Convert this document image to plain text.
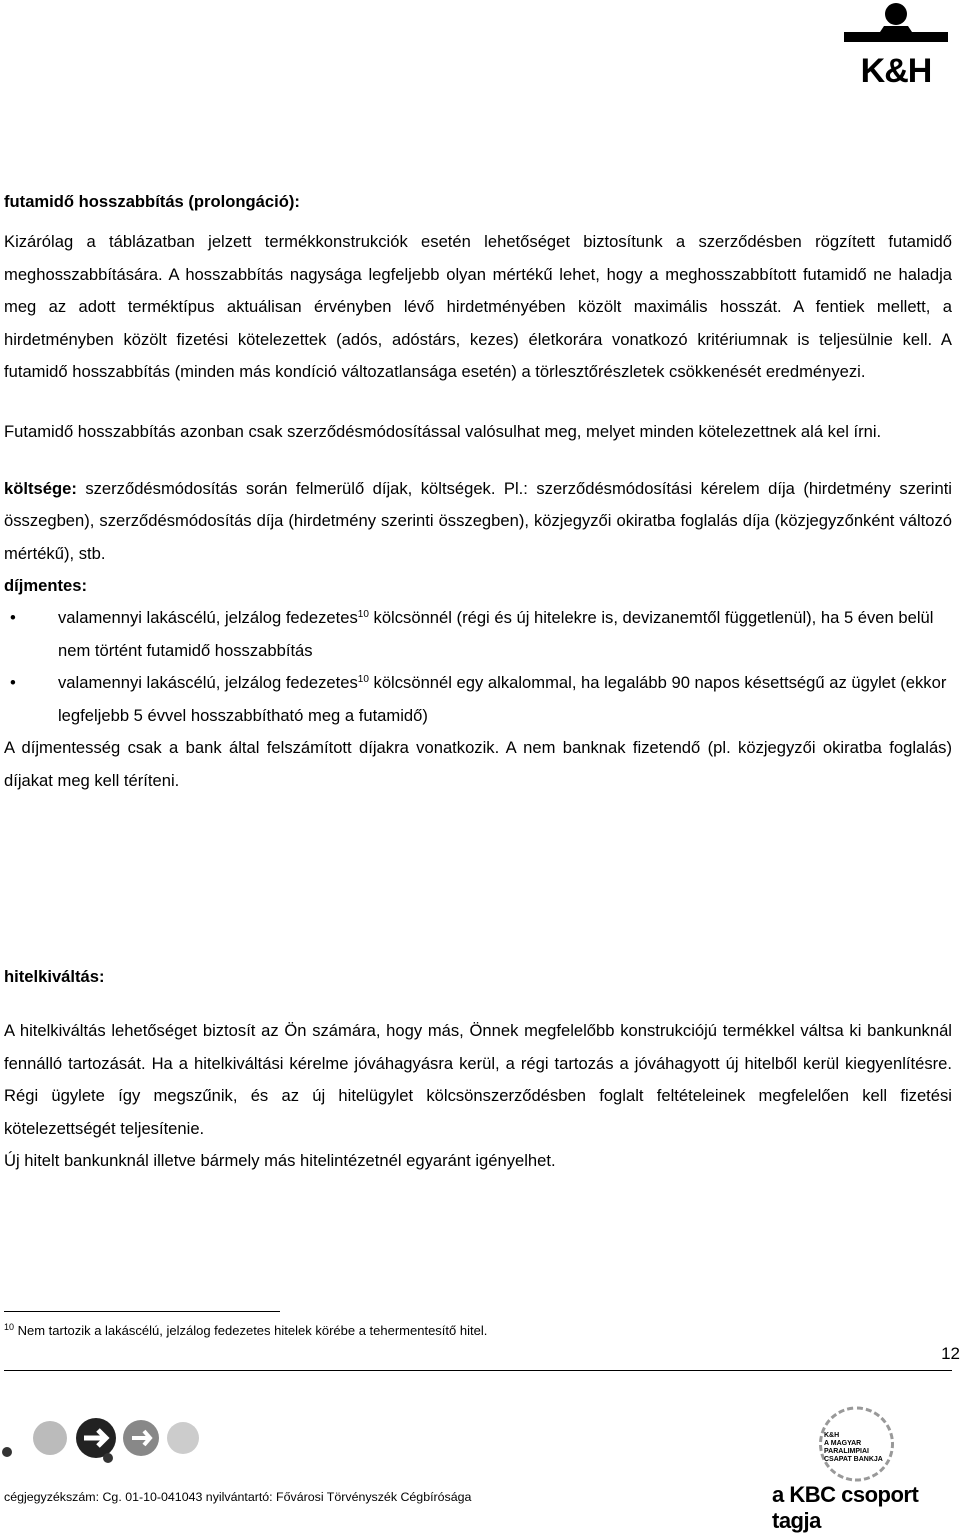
K&H
futamidő hosszabbítás (prolongáció):
Kizárólag a táblázatban jelzett termékkonstrukciók esetén lehetőséget biztosítunk a szerződésben rögzített futamidő meghosszabbítására. A hosszabbítás nagysága legfeljebb olyan mértékű lehet, hogy a meghosszabbított futamidő ne haladja meg az adott terméktípus aktuálisan érvényben lévő hirdetményében közölt maximális hosszát. A fentiek mellett, a hirdetményben közölt fizetési kötelezettek (adós, adóstárs, kezes) életkorára vonatkozó kritériumnak is teljesülnie kell. A futamidő hosszabbítás (minden más kondíció változatlansága esetén) a törlesztőrészletek csökkenését eredményezi.
Futamidő hosszabbítás azonban csak szerződésmódosítással valósulhat meg, melyet minden kötelezettnek alá kel írni.
költsége: szerződésmódosítás során felmerülő díjak, költségek. Pl.: szerződésmódosítási kérelem díja (hirdetmény szerinti összegben), szerződésmódosítás díja (hirdetmény szerinti összegben), közjegyzői okiratba foglalás díja (közjegyzőnként változó mértékű), stb.
díjmentes:
• valamennyi lakáscélú, jelzálog fedezetes$^{10}$ kölcsönnél (régi és új hitelekre is, devizanemtől függetlenül), ha 5 éven belül nem történt futamidő hosszabbítás
• valamennyi lakáscélú, jelzálog fedezetes$^{10}$ kölcsönnél egy alkalommal, ha legalább 90 napos késettségű az ügylet (ekkor legfeljebb 5 évvel hosszabbítható meg a futamidő)
A díjmentesség csak a bank által felszámított díjakra vonatkozik. A nem banknak fizetendő (pl. közjegyzői okiratba foglalás) díjakat meg kell téríteni.
hitelkiváltás:
A hitelkiváltás lehetőséget biztosít az Ön számára, hogy más, Önnek megfelelőbb konstrukciójú termékkel váltsa ki bankunknál fennálló tartozását. Ha a hitelkiváltási kérelme jóváhagyásra kerül, a régi tartozás a jóváhagyott új hitelből kerül kiegyenlítésre. Régi ügylete így megszűnik, és az új hitelügylet kölcsönszerződésben foglalt feltételeinek megfelelően kell fizetési kötelezettségét teljesítenie.
Új hitelt bankunknál illetve bármely más hitelintézetnél egyaránt igényelhet.
$^{10}$ Nem tartozik a lakáscélú, jelzálog fedezetes hitelek körébe a tehermentesítő hitel.
12
K&H
A MAGYAR
PARALIMPIAI
CSAPAT BANKJA
cégjegyzékszám: Cg. 01-10-041043 nyilvántartó: Fővárosi Törvényszék Cégbírósága	a KBC csoport tagja
